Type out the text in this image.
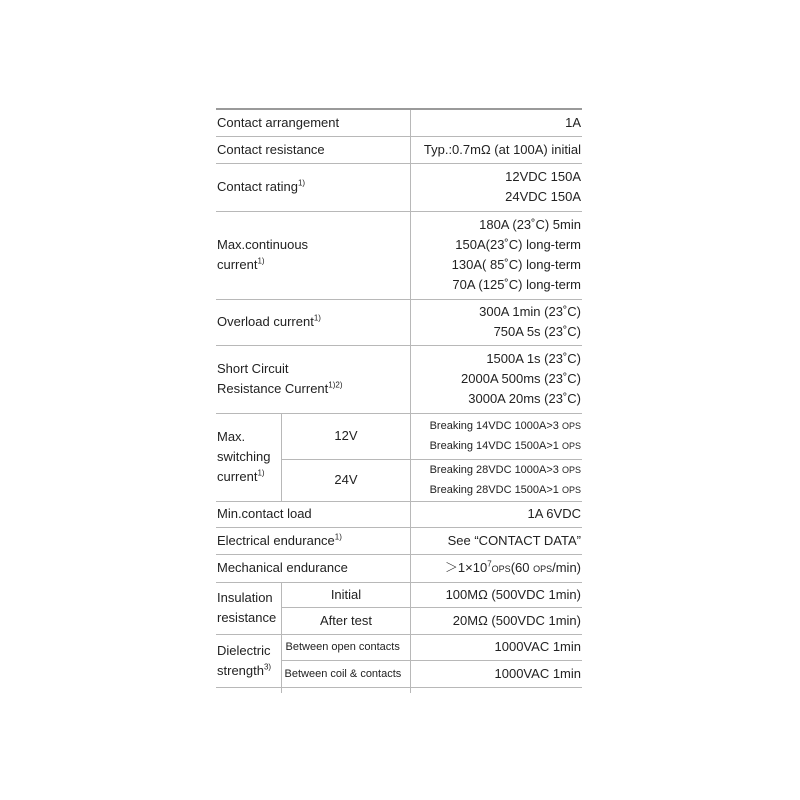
Contact arrangement		1A
Contact resistance		Typ.:0.7mΩ (at 100A) initial
Contact rating$^{1)}$		12VDC 150A
24VDC 150A

Max.continuous
current$^{1)}$		180A (23˚C) 5min
150A(23˚C) long-term
130A( 85˚C) long-term
70A (125˚C) long-term

Overload current$^{1)}$		300A 1min (23˚C)
750A 5s (23˚C)

Short Circuit
Resistance Current$^{1)2)}$		1500A 1s (23˚C)
2000A 500ms (23˚C)
3000A 20ms (23˚C)

Max.
switching
current$^{1)}$	12V	Breaking 14VDC 1000A>3 OPS
Breaking 14VDC 1500A>1 OPS

	24V	Breaking 28VDC 1000A>3 OPS
Breaking 28VDC 1500A>1 OPS

Min.contact load		1A 6VDC
Electrical endurance$^{1)}$		See “CONTACT DATA”
Mechanical endurance		$>1\times 10^7OPS(60$ OPS/min)

Insulation
resistance	Initial	100MΩ (500VDC 1min)
	After test	20MΩ (500VDC 1min)

Dielectric
strength$^{3)}$	Between open contacts	1000VAC 1min
	Between coil & contacts	1000VAC 1min
